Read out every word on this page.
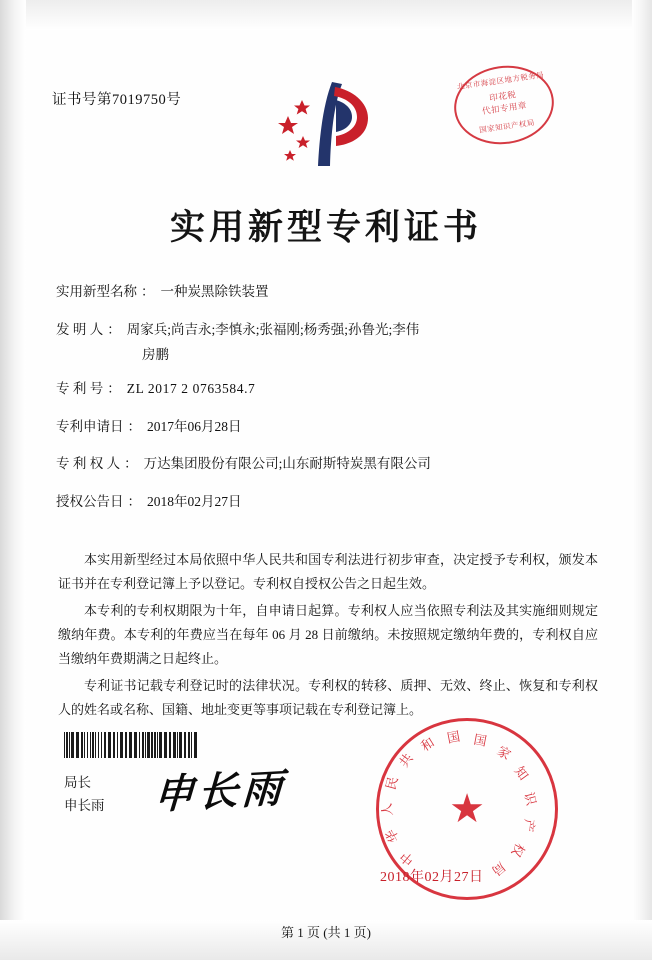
证书号第7019750号
北京市海淀区地方税务局
印花税
代扣专用章
国家知识产权局
实用新型专利证书
实用新型名称 ： 一种炭黑除铁装置
发 明 人 ： 周家兵;尚吉永;李慎永;张福刚;杨秀强;孙鲁光;李伟
房鹏
专 利 号 ： ZL 2017 2 0763584.7
专利申请日 ： 2017年06月28日
专 利 权 人 ： 万达集团股份有限公司;山东耐斯特炭黑有限公司
授权公告日 ： 2018年02月27日

本实用新型经过本局依照中华人民共和国专利法进行初步审查，决定授予专利权，颁发本证书并在专利登记簿上予以登记。专利权自授权公告之日起生效。

本专利的专利权期限为十年，自申请日起算。专利权人应当依照专利法及其实施细则规定缴纳年费。本专利的年费应当在每年 06 月 28 日前缴纳。未按照规定缴纳年费的，专利权自应当缴纳年费期满之日起终止。

专利证书记载专利登记时的法律状况。专利权的转移、质押、无效、终止、恢复和专利权人的姓名或名称、国籍、地址变更等事项记载在专利登记簿上。

局长
申长雨 申长雨	★
中
华
人
民
共
和 国 国
家
知
识
产
权
局
2018年02月27日
第 1 页 (共 1 页)
